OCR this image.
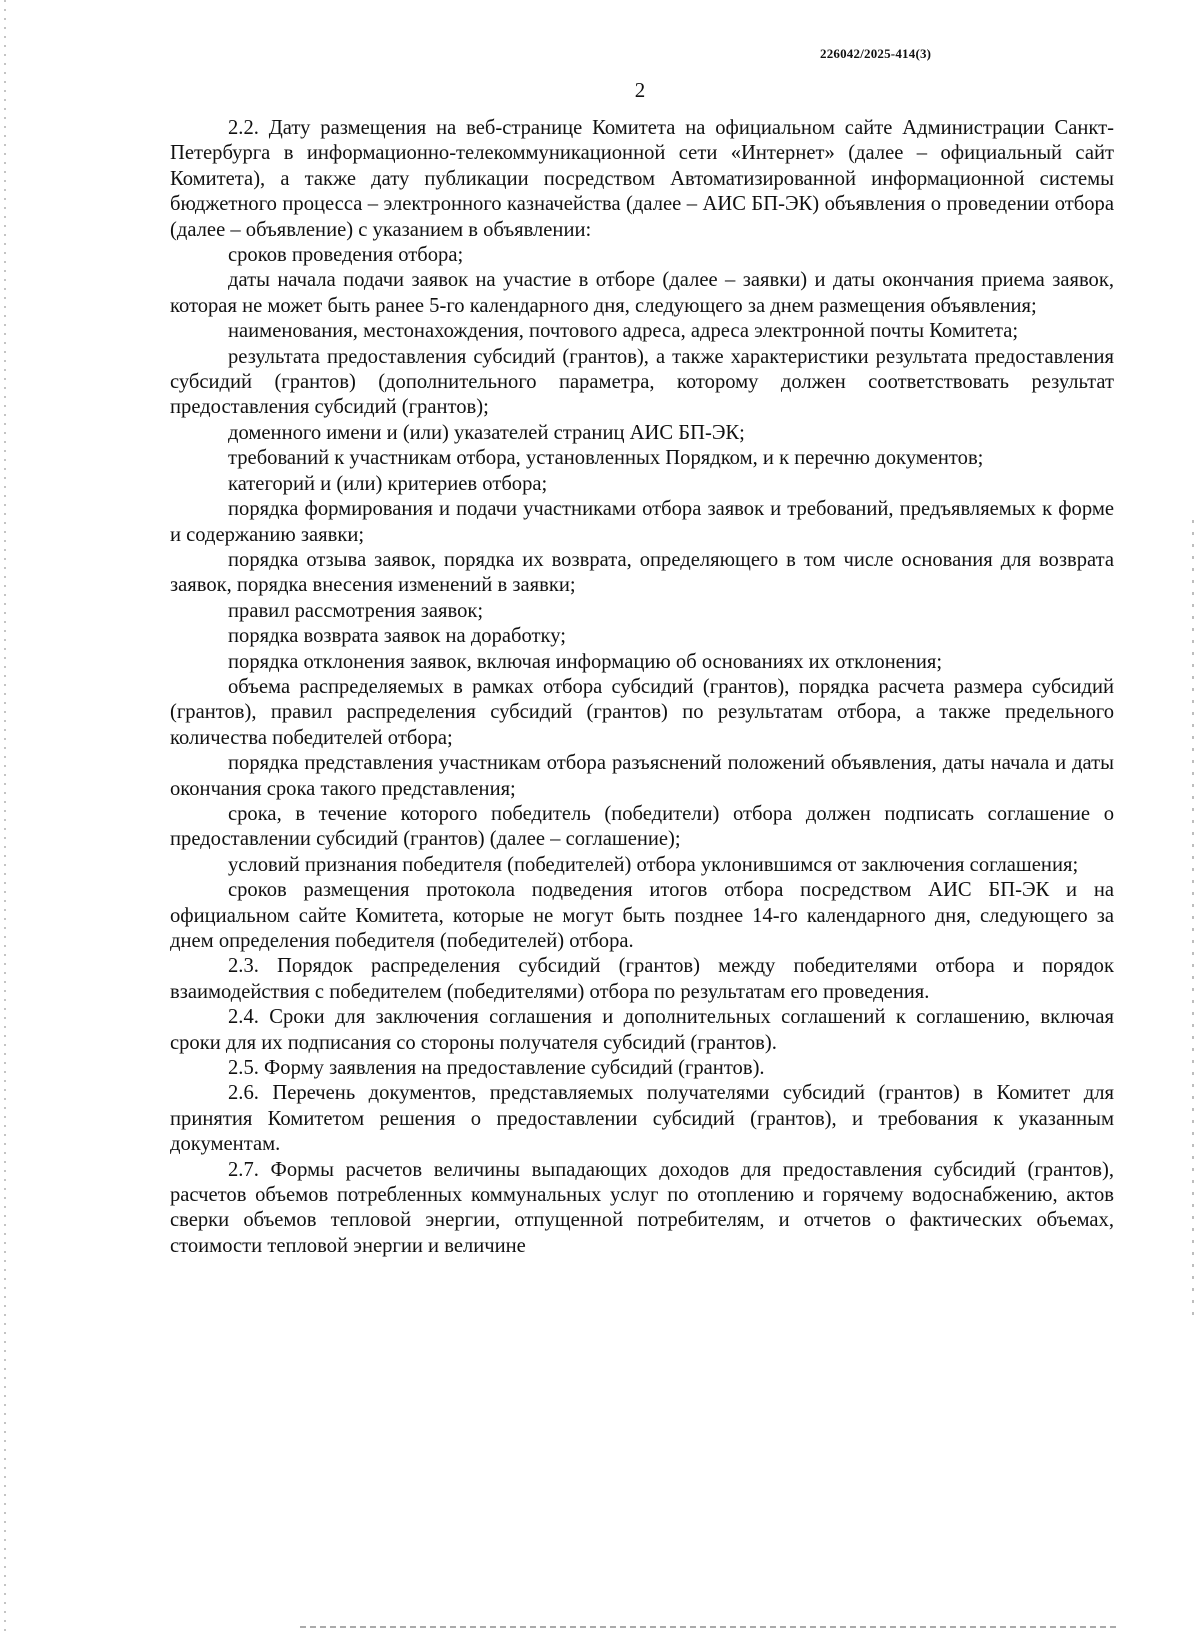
226042/2025-414(3)
2

2.2. Дату размещения на веб-странице Комитета на официальном сайте Администрации Санкт-Петербурга в информационно-телекоммуникационной сети «Интернет» (далее – официальный сайт Комитета), а также дату публикации посредством Автоматизированной информационной системы бюджетного процесса – электронного казначейства (далее – АИС БП-ЭК) объявления о проведении отбора (далее – объявление) с указанием в объявлении:

сроков проведения отбора;

даты начала подачи заявок на участие в отборе (далее – заявки) и даты окончания приема заявок, которая не может быть ранее 5-го календарного дня, следующего за днем размещения объявления;

наименования, местонахождения, почтового адреса, адреса электронной почты Комитета;

результата предоставления субсидий (грантов), а также характеристики результата предоставления субсидий (грантов) (дополнительного параметра, которому должен соответствовать результат предоставления субсидий (грантов);

доменного имени и (или) указателей страниц АИС БП-ЭК;

требований к участникам отбора, установленных Порядком, и к перечню документов;

категорий и (или) критериев отбора;

порядка формирования и подачи участниками отбора заявок и требований, предъявляемых к форме и содержанию заявки;

порядка отзыва заявок, порядка их возврата, определяющего в том числе основания для возврата заявок, порядка внесения изменений в заявки;

правил рассмотрения заявок;

порядка возврата заявок на доработку;

порядка отклонения заявок, включая информацию об основаниях их отклонения;

объема распределяемых в рамках отбора субсидий (грантов), порядка расчета размера субсидий (грантов), правил распределения субсидий (грантов) по результатам отбора, а также предельного количества победителей отбора;

порядка представления участникам отбора разъяснений положений объявления, даты начала и даты окончания срока такого представления;

срока, в течение которого победитель (победители) отбора должен подписать соглашение о предоставлении субсидий (грантов) (далее – соглашение);

условий признания победителя (победителей) отбора уклонившимся от заключения соглашения;

сроков размещения протокола подведения итогов отбора посредством АИС БП-ЭК и на официальном сайте Комитета, которые не могут быть позднее 14-го календарного дня, следующего за днем определения победителя (победителей) отбора.

2.3. Порядок распределения субсидий (грантов) между победителями отбора и порядок взаимодействия с победителем (победителями) отбора по результатам его проведения.

2.4. Сроки для заключения соглашения и дополнительных соглашений к соглашению, включая сроки для их подписания со стороны получателя субсидий (грантов).

2.5. Форму заявления на предоставление субсидий (грантов).

2.6. Перечень документов, представляемых получателями субсидий (грантов) в Комитет для принятия Комитетом решения о предоставлении субсидий (грантов), и требования к указанным документам.

2.7. Формы расчетов величины выпадающих доходов для предоставления субсидий (грантов), расчетов объемов потребленных коммунальных услуг по отоплению и горячему водоснабжению, актов сверки объемов тепловой энергии, отпущенной потребителям, и отчетов о фактических объемах, стоимости тепловой энергии и величине
